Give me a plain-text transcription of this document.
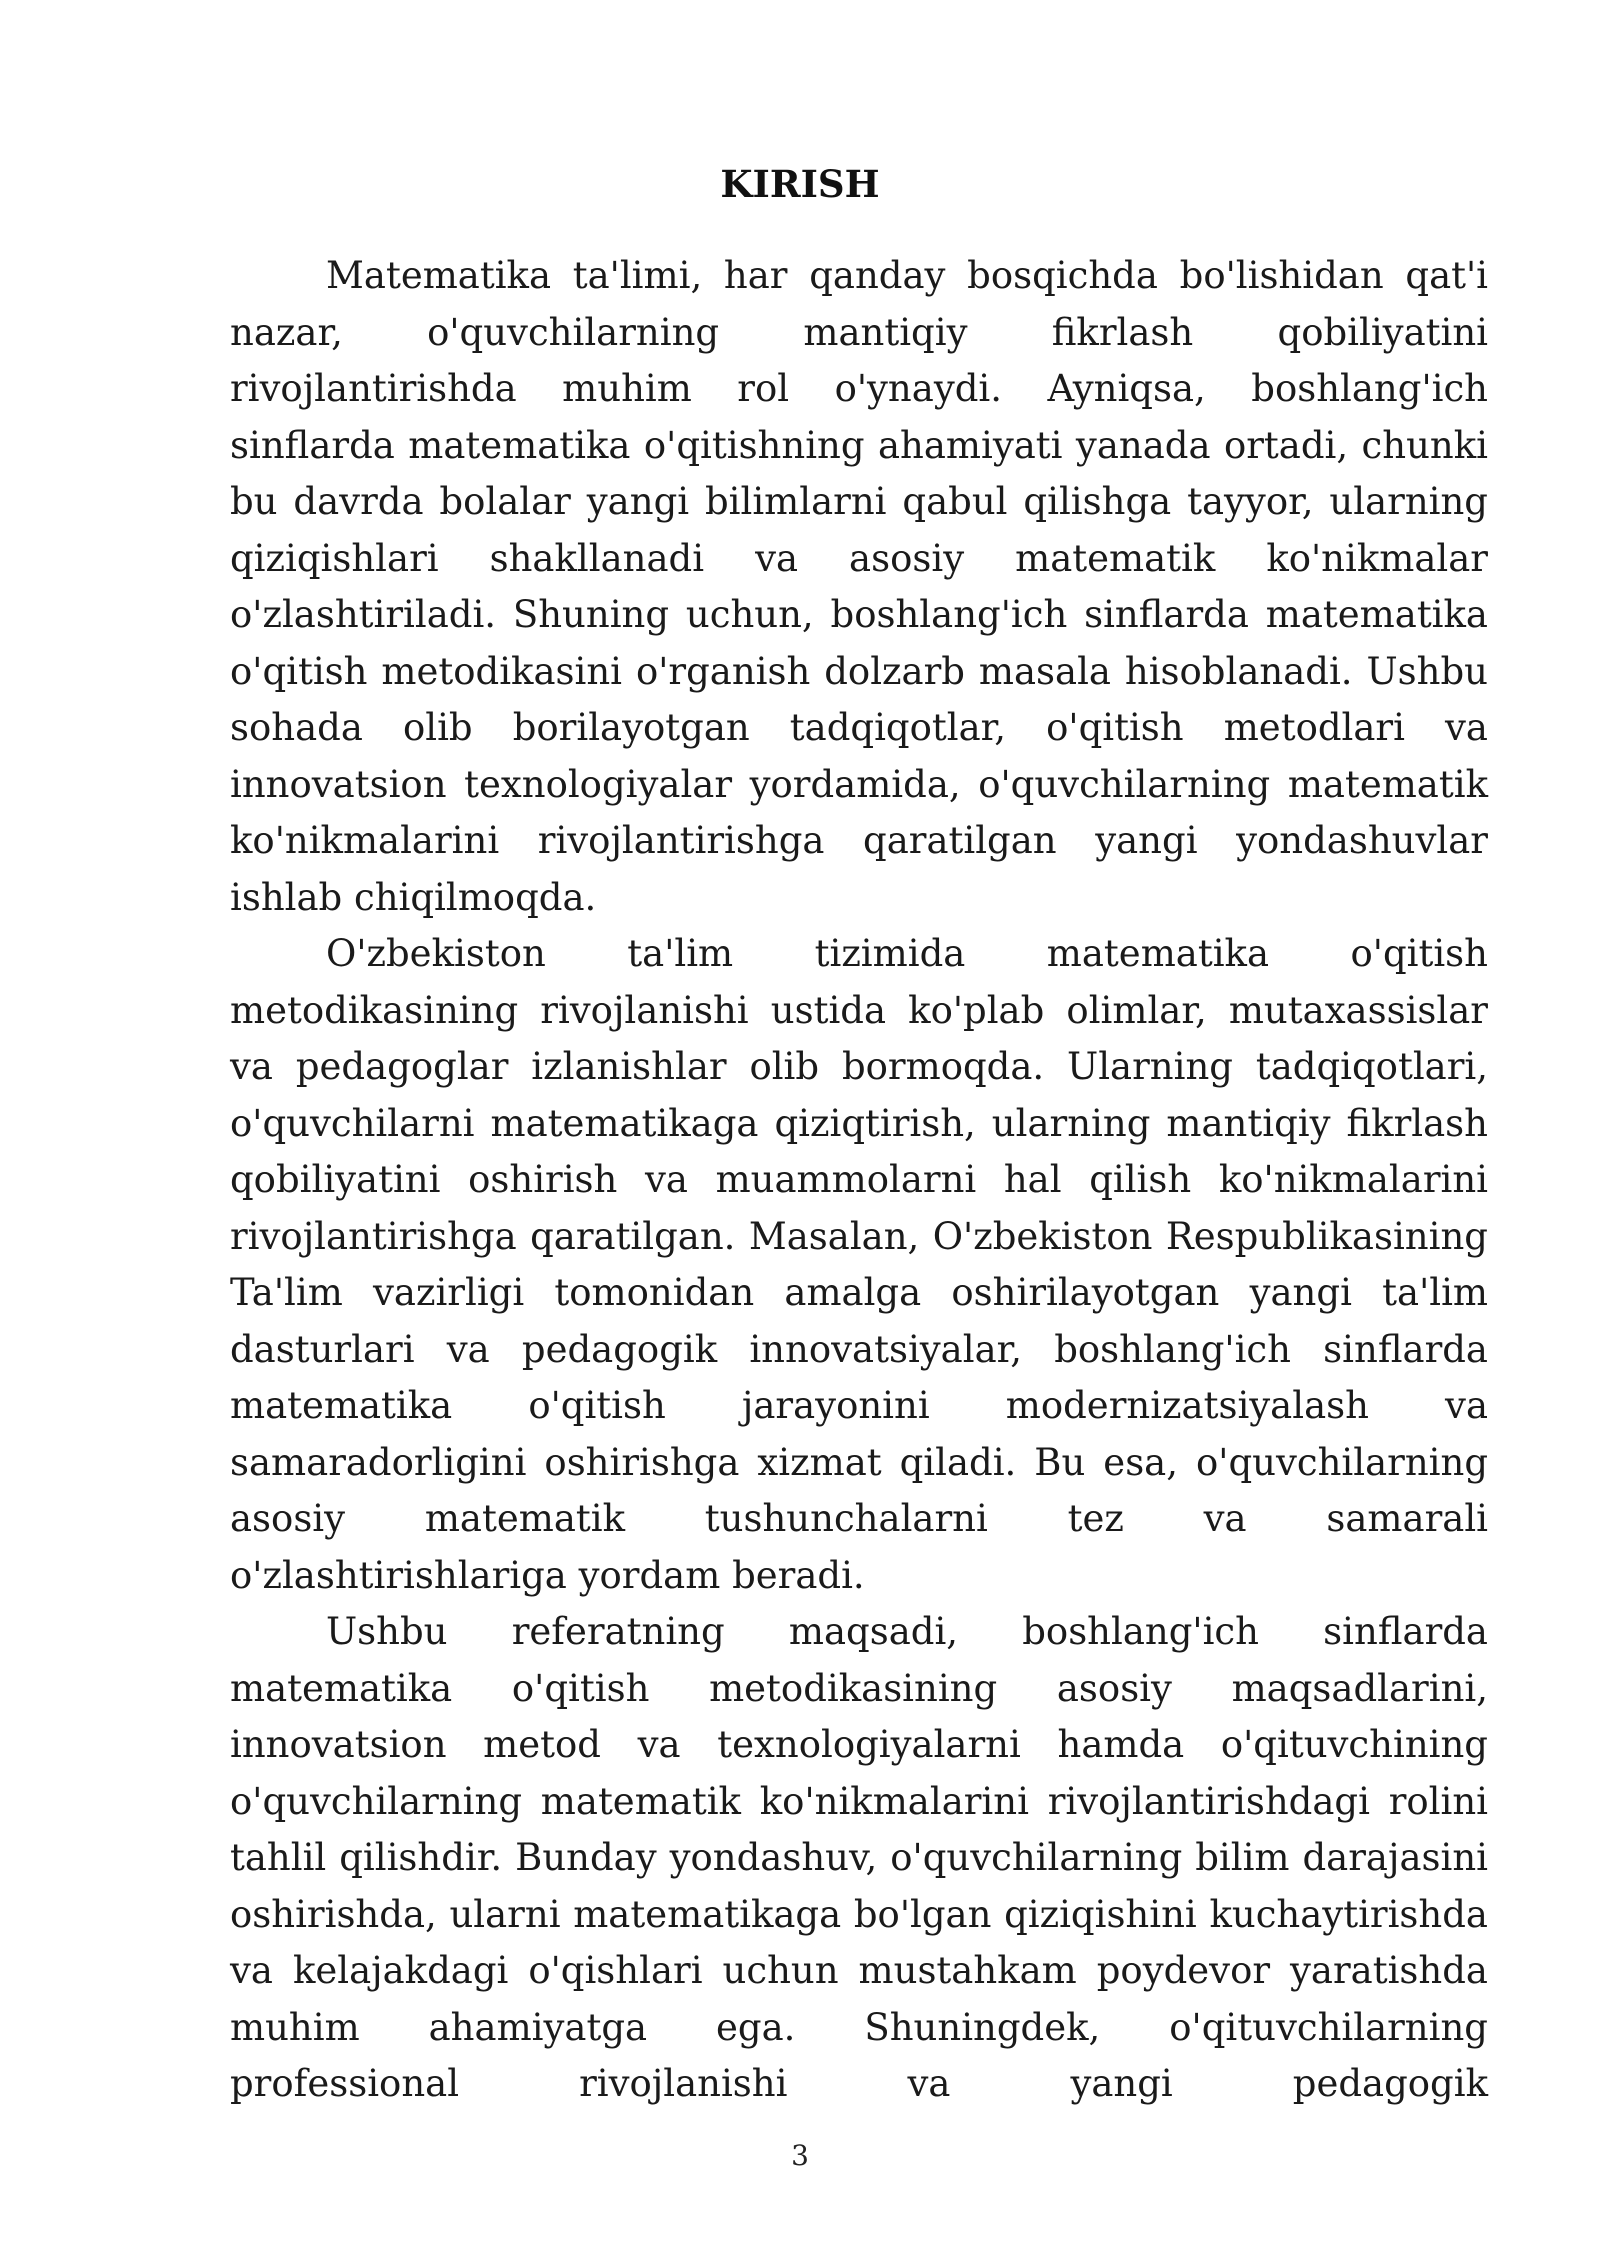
KIRISH

Matematika ta'limi, har qanday bosqichda bo'lishidan qat'i nazar, o'quvchilarning mantiqiy fikrlash qobiliyatini rivojlantirishda muhim rol o'ynaydi. Ayniqsa, boshlang'ich sinflarda matematika o'qitishning ahamiyati yanada ortadi, chunki bu davrda bolalar yangi bilimlarni qabul qilishga tayyor, ularning qiziqishlari shakllanadi va asosiy matematik ko'nikmalar o'zlashtiriladi. Shuning uchun, boshlang'ich sinflarda matematika o'qitish metodikasini o'rganish dolzarb masala hisoblanadi. Ushbu sohada olib borilayotgan tadqiqotlar, o'qitish metodlari va innovatsion texnologiyalar yordamida, o'quvchilarning matematik ko'nikmalarini rivojlantirishga qaratilgan yangi yondashuvlar ishlab chiqilmoqda.

O'zbekiston ta'lim tizimida matematika o'qitish metodikasining rivojlanishi ustida ko'plab olimlar, mutaxassislar va pedagoglar izlanishlar olib bormoqda. Ularning tadqiqotlari, o'quvchilarni matematikaga qiziqtirish, ularning mantiqiy fikrlash qobiliyatini oshirish va muammolarni hal qilish ko'nikmalarini rivojlantirishga qaratilgan. Masalan, O'zbekiston Respublikasining Ta'lim vazirligi tomonidan amalga oshirilayotgan yangi ta'lim dasturlari va pedagogik innovatsiyalar, boshlang'ich sinflarda matematika o'qitish jarayonini modernizatsiyalash va samaradorligini oshirishga xizmat qiladi. Bu esa, o'quvchilarning asosiy matematik tushunchalarni tez va samarali o'zlashtirishlariga yordam beradi.

Ushbu referatning maqsadi, boshlang'ich sinflarda matematika o'qitish metodikasining asosiy maqsadlarini, innovatsion metod va texnologiyalarni hamda o'qituvchining o'quvchilarning matematik ko'nikmalarini rivojlantirishdagi rolini tahlil qilishdir. Bunday yondashuv, o'quvchilarning bilim darajasini oshirishda, ularni matematikaga bo'lgan qiziqishini kuchaytirishda va kelajakdagi o'qishlari uchun mustahkam poydevor yaratishda muhim ahamiyatga ega. Shuningdek, o'qituvchilarning professional rivojlanishi va yangi pedagogik

3
